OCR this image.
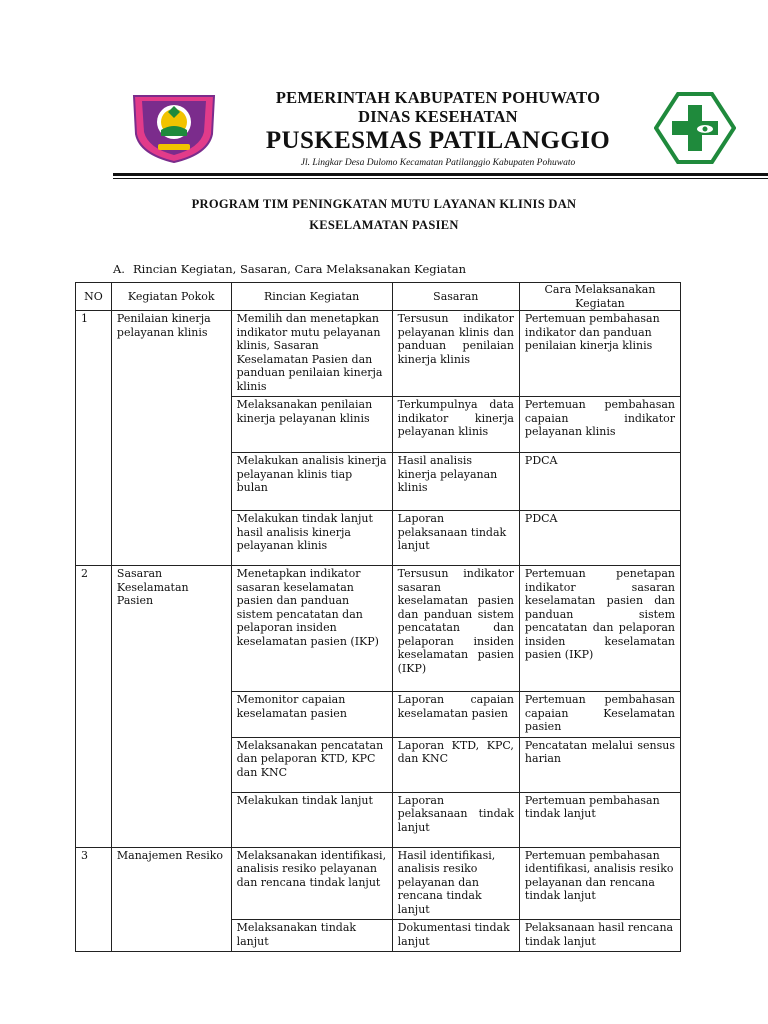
PEMERINTAH KABUPATEN POHUWATO
DINAS KESEHATAN
PUSKESMAS PATILANGGIO
Jl. Lingkar Desa Dulomo Kecamatan Patilanggio Kabupaten Pohuwato
PROGRAM TIM PENINGKATAN MUTU LAYANAN KLINIS DAN
KESELAMATAN PASIEN
A. Rincian Kegiatan, Sasaran, Cara Melaksanakan Kegiatan
NO	Kegiatan Pokok	Rincian Kegiatan	Sasaran	Cara Melaksanakan Kegiatan
1	Penilaian kinerja pelayanan klinis	Memilih dan menetapkan indikator mutu pelayanan klinis, Sasaran Keselamatan Pasien dan panduan penilaian kinerja klinis	Tersusun indikator pelayanan klinis dan panduan penilaian kinerja klinis	Pertemuan pembahasan indikator dan panduan penilaian kinerja klinis
		Melaksanakan penilaian kinerja pelayanan klinis	Terkumpulnya data indikator kinerja pelayanan klinis	Pertemuan pembahasan capaian indikator pelayanan klinis
		Melakukan analisis kinerja pelayanan klinis tiap bulan	Hasil analisis kinerja pelayanan klinis	PDCA
		Melakukan tindak lanjut hasil analisis kinerja pelayanan klinis	Laporan pelaksanaan tindak lanjut	PDCA
2	Sasaran Keselamatan Pasien	Menetapkan indikator sasaran keselamatan pasien dan panduan sistem pencatatan dan pelaporan insiden keselamatan pasien (IKP)	Tersusun indikator sasaran keselamatan pasien dan panduan sistem pencatatan dan pelaporan insiden keselamatan pasien (IKP)	Pertemuan penetapan indikator sasaran keselamatan pasien dan panduan sistem pencatatan dan pelaporan insiden keselamatan pasien (IKP)
		Memonitor capaian keselamatan pasien	Laporan capaian keselamatan pasien	Pertemuan pembahasan capaian Keselamatan pasien
		Melaksanakan pencatatan dan pelaporan KTD, KPC dan KNC	Laporan KTD, KPC, dan KNC	Pencatatan melalui sensus harian
		Melakukan tindak lanjut	Laporan pelaksanaan tindak lanjut	Pertemuan pembahasan tindak lanjut
3	Manajemen Resiko	Melaksanakan identifikasi, analisis resiko pelayanan dan rencana tindak lanjut	Hasil identifikasi, analisis resiko pelayanan dan rencana tindak lanjut	Pertemuan pembahasan identifikasi, analisis resiko pelayanan dan rencana tindak lanjut
		Melaksanakan tindak lanjut	Dokumentasi tindak lanjut	Pelaksanaan hasil rencana tindak lanjut
